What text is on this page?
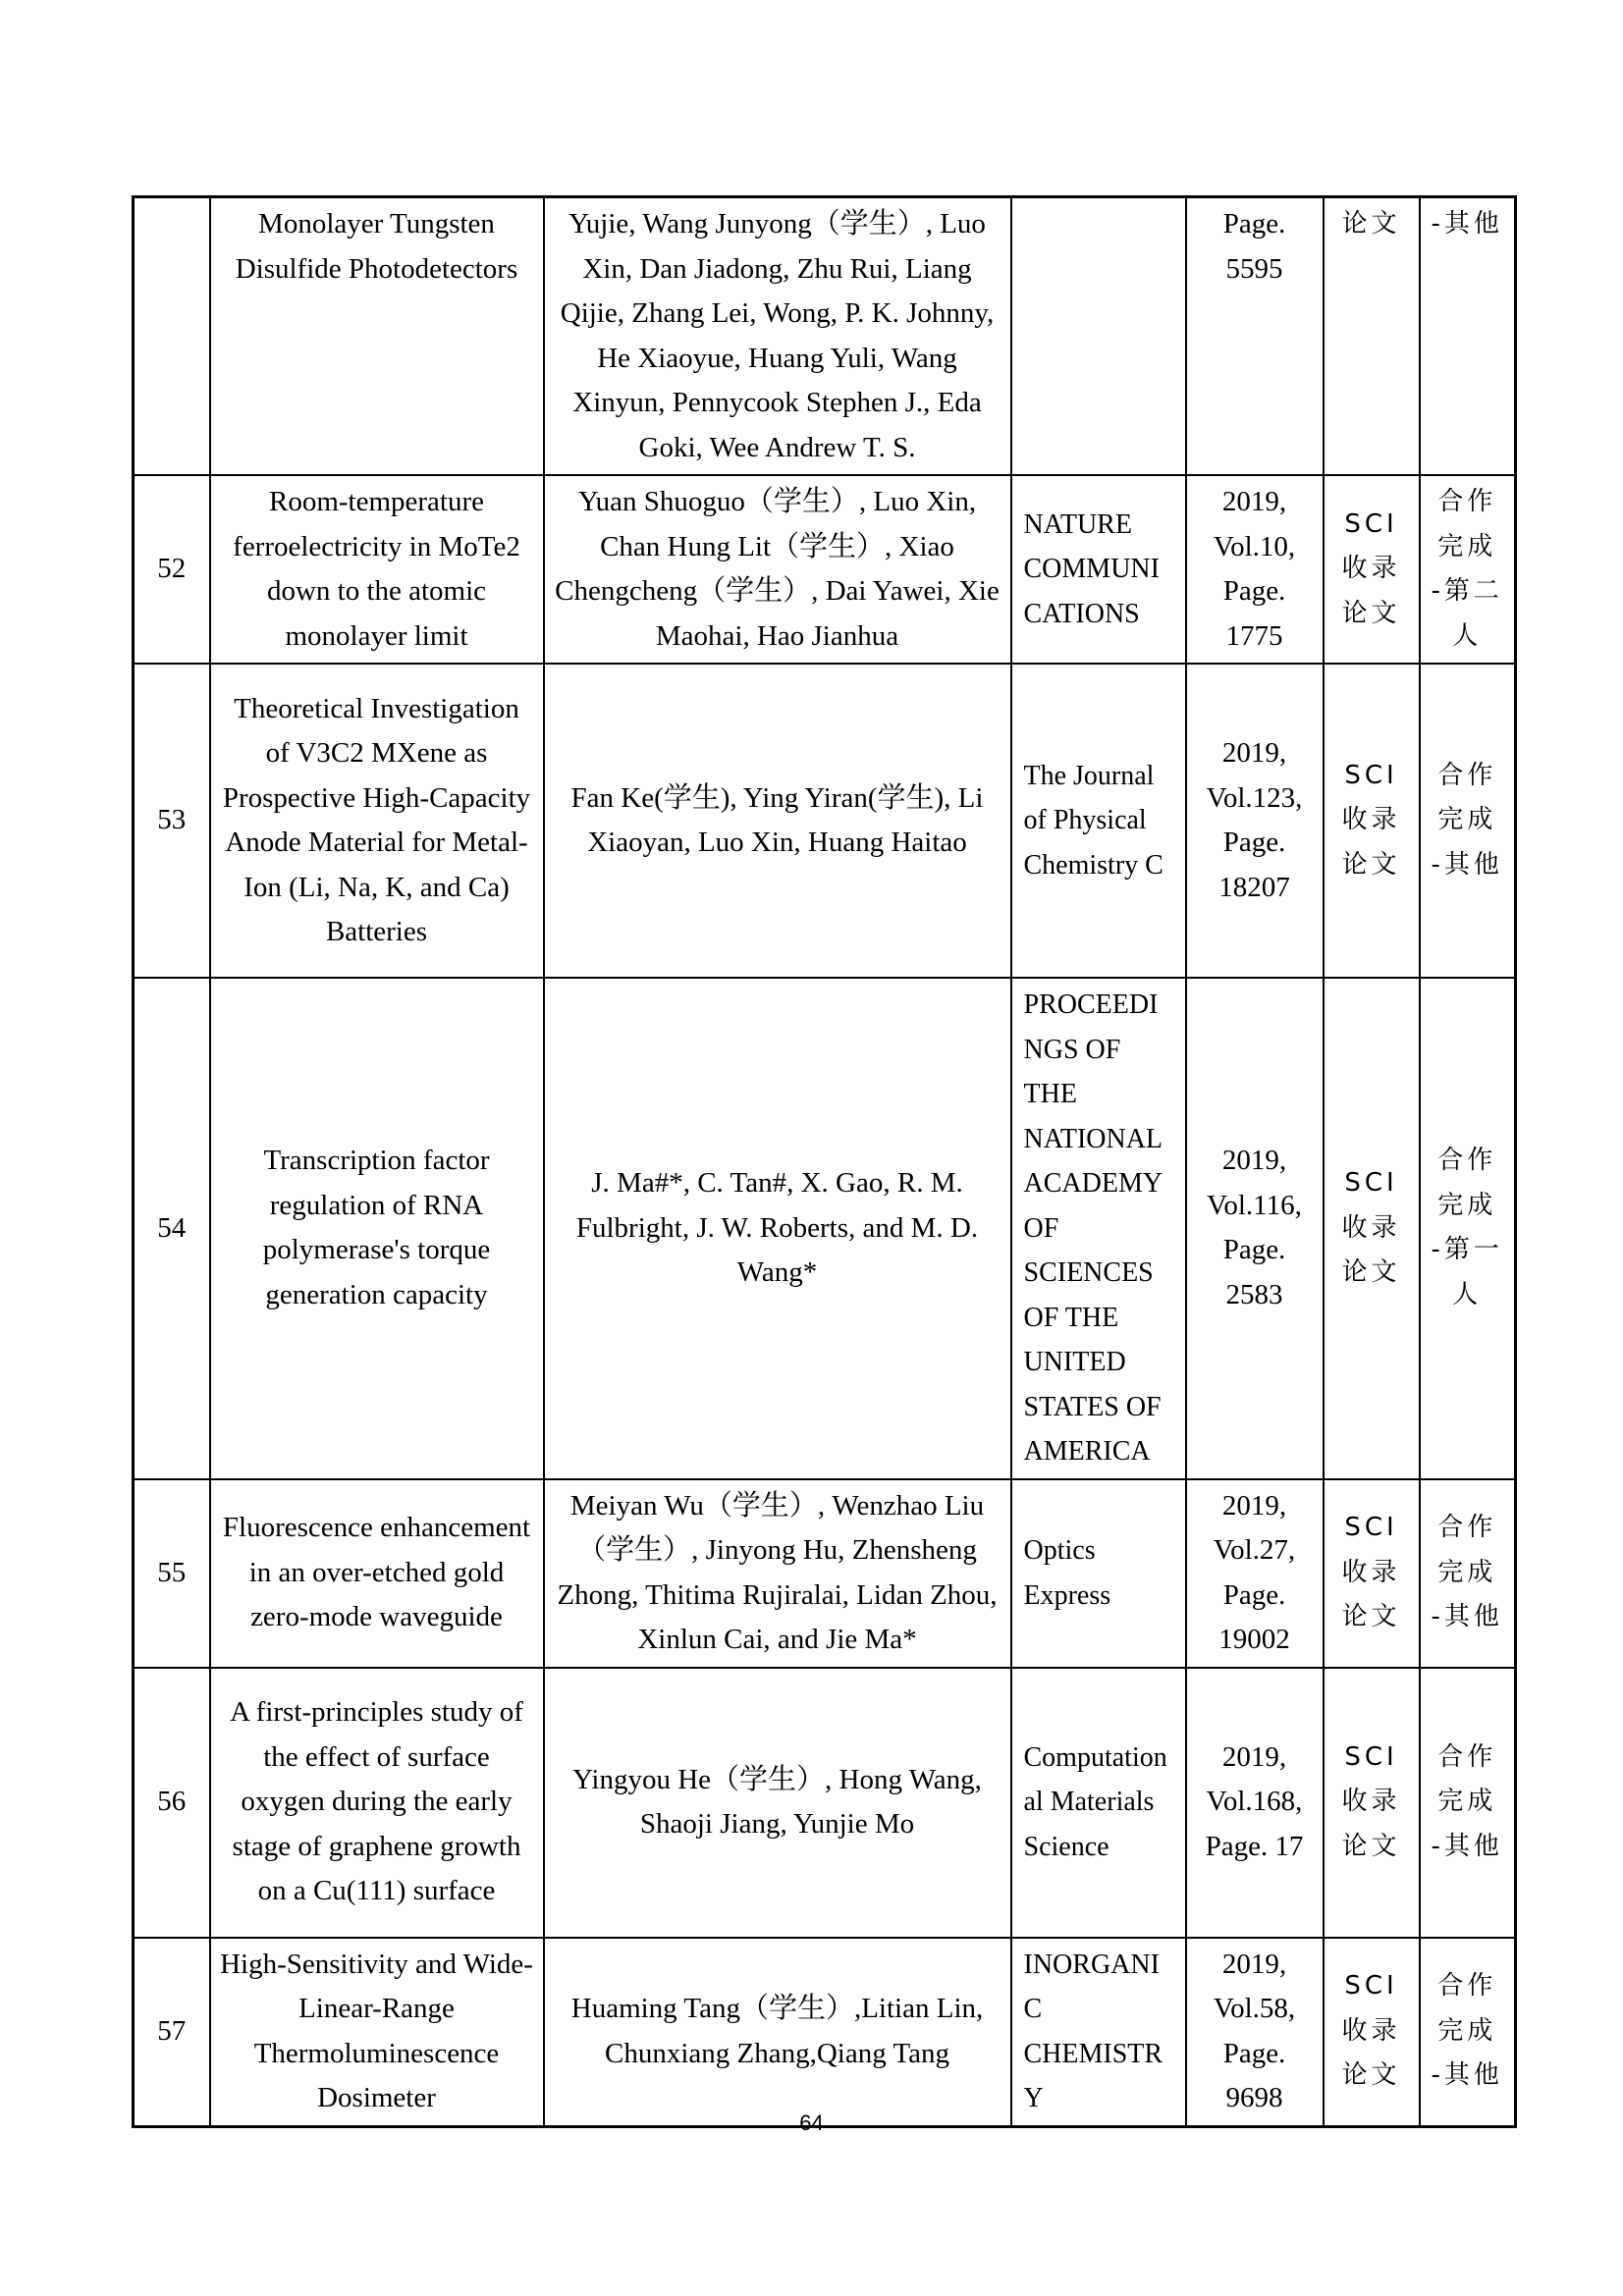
	Monolayer Tungsten Disulfide Photodetectors	Yujie, Wang Junyong（学生）, Luo Xin, Dan Jiadong, Zhu Rui, Liang Qijie, Zhang Lei, Wong, P. K. Johnny, He Xiaoyue, Huang Yuli, Wang Xinyun, Pennycook Stephen J., Eda Goki, Wee Andrew T. S.		Page. 5595	论文	-其他
52	Room-temperature ferroelectricity in MoTe2 down to the atomic monolayer limit	Yuan Shuoguo（学生）, Luo Xin, Chan Hung Lit（学生）, Xiao Chengcheng（学生）, Dai Yawei, Xie Maohai, Hao Jianhua	NATURE COMMUNICATIONS	2019, Vol.10, Page. 1775	SCI 收录 论文	合作完成 -第二人
53	Theoretical Investigation of V3C2 MXene as Prospective High-Capacity Anode Material for Metal-Ion (Li, Na, K, and Ca) Batteries	Fan Ke(学生), Ying Yiran(学生), Li Xiaoyan, Luo Xin, Huang Haitao	The Journal of Physical Chemistry C	2019, Vol.123, Page. 18207	SCI 收录 论文	合作完成 -其他
54	Transcription factor regulation of RNA polymerase's torque generation capacity	J. Ma#*, C. Tan#, X. Gao, R. M. Fulbright, J. W. Roberts, and M. D. Wang*	PROCEEDINGS OF THE NATIONAL ACADEMY OF SCIENCES OF THE UNITED STATES OF AMERICA	2019, Vol.116, Page. 2583	SCI 收录 论文	合作完成 -第一人
55	Fluorescence enhancement in an over-etched gold zero-mode waveguide	Meiyan Wu（学生）, Wenzhao Liu（学生）, Jinyong Hu, Zhensheng Zhong, Thitima Rujiralai, Lidan Zhou, Xinlun Cai, and Jie Ma*	Optics Express	2019, Vol.27, Page. 19002	SCI 收录 论文	合作完成 -其他
56	A first-principles study of the effect of surface oxygen during the early stage of graphene growth on a Cu(111) surface	Yingyou He（学生）, Hong Wang, Shaoji Jiang, Yunjie Mo	Computational Materials Science	2019, Vol.168, Page. 17	SCI 收录 论文	合作完成 -其他
57	High-Sensitivity and Wide-Linear-Range Thermoluminescence Dosimeter	Huaming Tang（学生）,Litian Lin, Chunxiang Zhang,Qiang Tang	INORGANIC CHEMISTRY	2019, Vol.58, Page. 9698	SCI 收录 论文	合作完成 -其他
64
